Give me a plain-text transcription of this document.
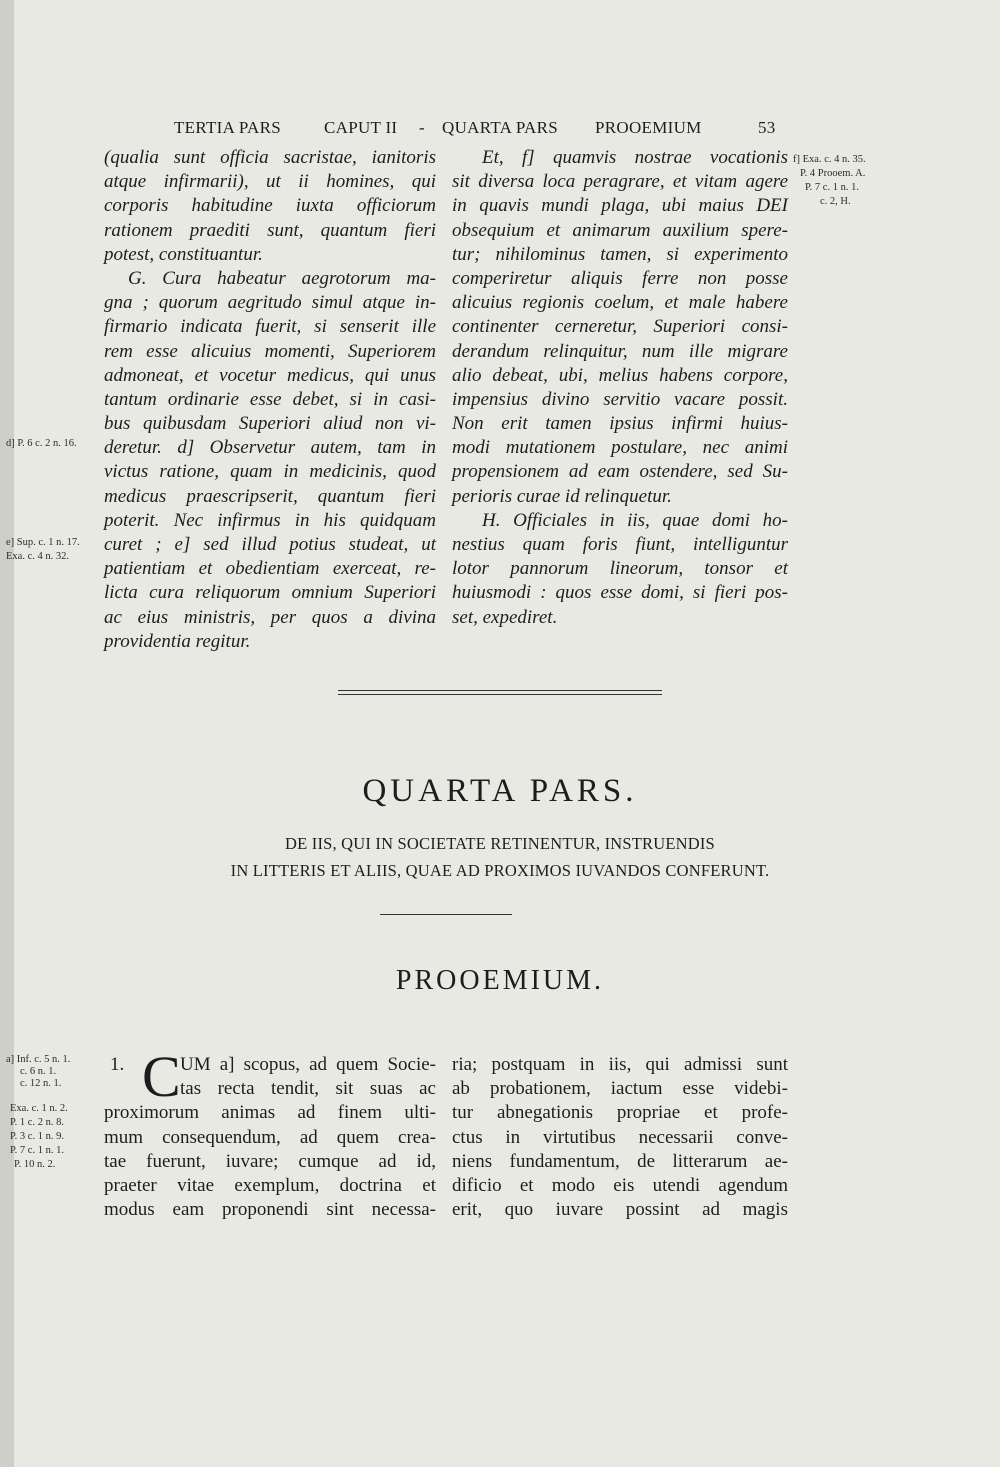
TERTIA PARS	CAPUT II - QUARTA PARS PROOEMIUM	53
(qualia sunt officia sacristae, ianitoris
atque infirmarii), ut ii homines, qui
corporis habitudine iuxta officiorum
rationem praediti sunt, quantum fieri
potest, constituantur.
G. Cura habeatur aegrotorum ma-
gna ; quorum aegritudo simul atque in-
firmario indicata fuerit, si senserit ille
rem esse alicuius momenti, Superiorem
admoneat, et vocetur medicus, qui unus
tantum ordinarie esse debet, si in casi-
bus quibusdam Superiori aliud non vi-
deretur. d] Observetur autem, tam in
victus ratione, quam in medicinis, quod
medicus praescripserit, quantum fieri
poterit. Nec infirmus in his quidquam
curet ; e] sed illud potius studeat, ut
patientiam et obedientiam exerceat, re-
licta cura reliquorum omnium Superiori
ac eius ministris, per quos a divina
providentia regitur.
Et, f] quamvis nostrae vocationis
sit diversa loca peragrare, et vitam agere
in quavis mundi plaga, ubi maius DEI
obsequium et animarum auxilium spere-
tur; nihilominus tamen, si experimento
comperiretur aliquis ferre non posse
alicuius regionis coelum, et male habere
continenter cerneretur, Superiori consi-
derandum relinquitur, num ille migrare
alio debeat, ubi, melius habens corpore,
impensius divino servitio vacare possit.
Non erit tamen ipsius infirmi huius-
modi mutationem postulare, nec animi
propensionem ad eam ostendere, sed Su-
perioris curae id relinquetur.
H. Officiales in iis, quae domi ho-
nestius quam foris fiunt, intelliguntur
lotor pannorum lineorum, tonsor et
huiusmodi : quos esse domi, si fieri pos-
set, expediret.
d] P. 6 c. 2 n. 16.
e] Sup. c. 1 n. 17.
Exa. c. 4 n. 32.
f] Exa. c. 4 n. 35.
P. 4 Prooem. A.
P. 7 c. 1 n. 1.
c. 2, H.
QUARTA PARS.
DE IIS, QUI IN SOCIETATE RETINENTUR, INSTRUENDIS
IN LITTERIS ET ALIIS, QUAE AD PROXIMOS IUVANDOS CONFERUNT.
PROOEMIUM.
a] Inf. c. 5 n. 1.
c. 6 n. 1.
c. 12 n. 1.
Exa. c. 1 n. 2.
P. 1 c. 2 n. 8.
P. 3 c. 1 n. 9.
P. 7 c. 1 n. 1.
P. 10 n. 2.
1. C UM a] scopus, ad quem Socie-
tas recta tendit, sit suas ac
proximorum animas ad finem ulti-
mum consequendum, ad quem crea-
tae fuerunt, iuvare; cumque ad id,
praeter vitae exemplum, doctrina et
modus eam proponendi sint necessa-
ria; postquam in iis, qui admissi sunt
ab probationem, iactum esse videbi-
tur abnegationis propriae et profe-
ctus in virtutibus necessarii conve-
niens fundamentum, de litterarum ae-
dificio et modo eis utendi agendum
erit, quo iuvare possint ad magis
